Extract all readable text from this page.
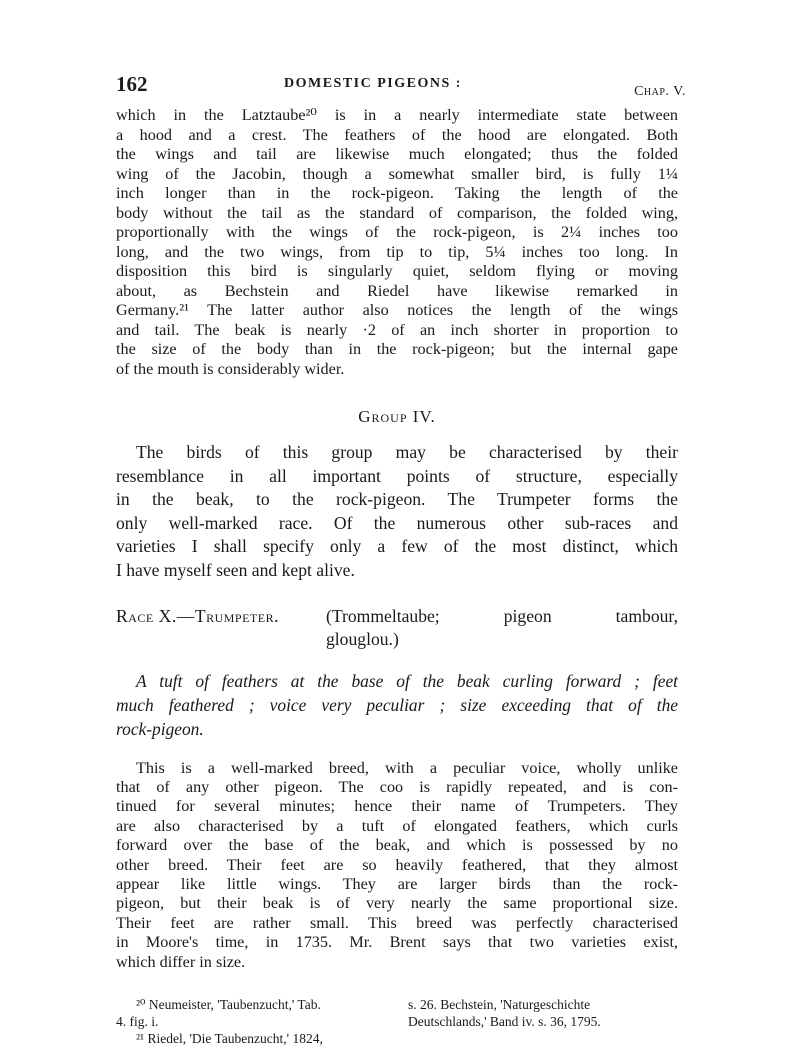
162	DOMESTIC PIGEONS :
Chap. V.
which in the Latztaube²⁰ is in a nearly intermediate state between
a hood and a crest. The feathers of the hood are elongated. Both
the wings and tail are likewise much elongated; thus the folded
wing of the Jacobin, though a somewhat smaller bird, is fully 1¼
inch longer than in the rock-pigeon. Taking the length of the
body without the tail as the standard of comparison, the folded wing,
proportionally with the wings of the rock-pigeon, is 2¼ inches too
long, and the two wings, from tip to tip, 5¼ inches too long. In
disposition this bird is singularly quiet, seldom flying or moving
about, as Bechstein and Riedel have likewise remarked in
Germany.²¹ The latter author also notices the length of the wings
and tail. The beak is nearly ·2 of an inch shorter in proportion to
the size of the body than in the rock-pigeon; but the internal gape
of the mouth is considerably wider.
Group IV.
The birds of this group may be characterised by their
resemblance in all important points of structure, especially
in the beak, to the rock-pigeon. The Trumpeter forms the
only well-marked race. Of the numerous other sub-races and
varieties I shall specify only a few of the most distinct, which
I have myself seen and kept alive.
Race X.—Trumpeter.	(Trommeltaube; pigeon tambour,
glouglou.)
A tuft of feathers at the base of the beak curling forward ; feet
much feathered ; voice very peculiar ; size exceeding that of the
rock-pigeon.
This is a well-marked breed, with a peculiar voice, wholly unlike
that of any other pigeon. The coo is rapidly repeated, and is con-
tinued for several minutes; hence their name of Trumpeters. They
are also characterised by a tuft of elongated feathers, which curls
forward over the base of the beak, and which is possessed by no
other breed. Their feet are so heavily feathered, that they almost
appear like little wings. They are larger birds than the rock-
pigeon, but their beak is of very nearly the same proportional size.
Their feet are rather small. This breed was perfectly characterised
in Moore's time, in 1735. Mr. Brent says that two varieties exist,
which differ in size.
²⁰ Neumeister, 'Taubenzucht,' Tab.
4. fig. i.
²¹ Riedel, 'Die Taubenzucht,' 1824,
s. 26. Bechstein, 'Naturgeschichte
Deutschlands,' Band iv. s. 36, 1795.
